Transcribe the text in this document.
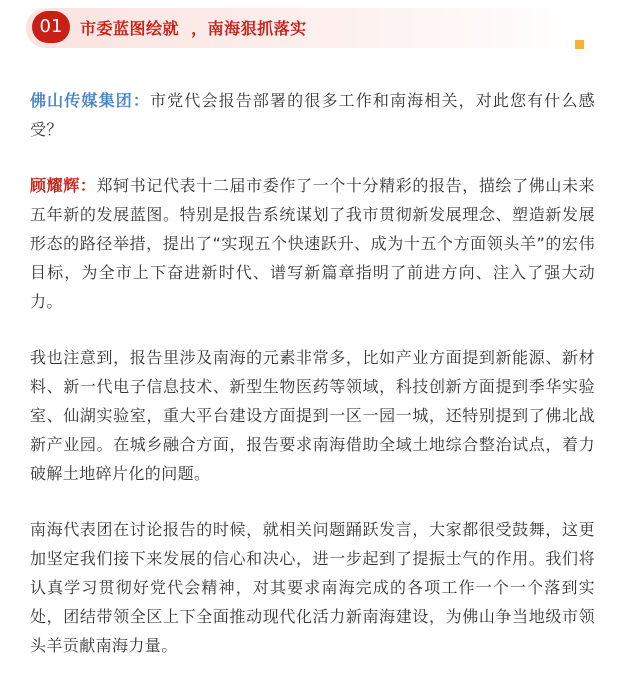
01	市委蓝图绘就  ，南海狠抓落实

佛山传媒集团：市党代会报告部署的很多工作和南海相关，对此您有什么感受？

顾耀辉：郑轲书记代表十二届市委作了一个十分精彩的报告，描绘了佛山未来五年新的发展蓝图。特别是报告系统谋划了我市贯彻新发展理念、塑造新发展形态的路径举措，提出了“实现五个快速跃升、成为十五个方面领头羊”的宏伟目标，为全市上下奋进新时代、谱写新篇章指明了前进方向、注入了强大动力。

我也注意到，报告里涉及南海的元素非常多，比如产业方面提到新能源、新材料、新一代电子信息技术、新型生物医药等领域，科技创新方面提到季华实验室、仙湖实验室，重大平台建设方面提到一区一园一城，还特别提到了佛北战新产业园。在城乡融合方面，报告要求南海借助全域土地综合整治试点，着力破解土地碎片化的问题。

南海代表团在讨论报告的时候，就相关问题踊跃发言，大家都很受鼓舞，这更加坚定我们接下来发展的信心和决心，进一步起到了提振士气的作用。我们将认真学习贯彻好党代会精神，对其要求南海完成的各项工作一个一个落到实处，团结带领全区上下全面推动现代化活力新南海建设，为佛山争当地级市领头羊贡献南海力量。
